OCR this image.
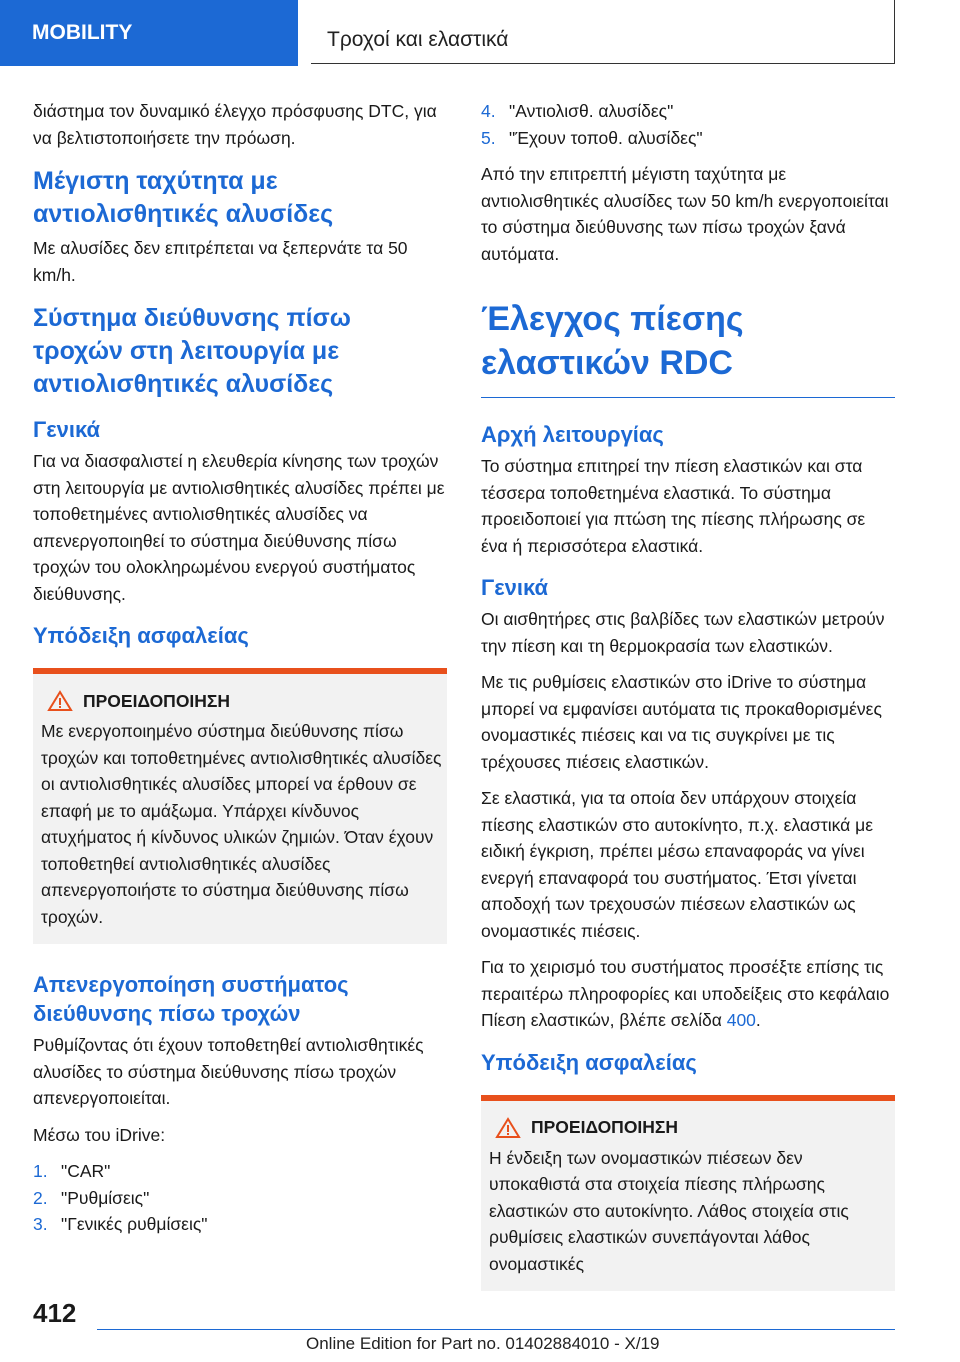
MOBILITY	Τροχοί και ελαστικά

διάστημα τον δυναμικό έλεγχο πρόσφυσης DTC, για να βελτιστοποιήσετε την πρόωση.

Μέγιστη ταχύτητα με αντιολισθητικές αλυσίδες

Με αλυσίδες δεν επιτρέπεται να ξεπερνάτε τα 50 km/h.

Σύστημα διεύθυνσης πίσω τροχών στη λειτουργία με αντιολισθητικές αλυσίδες
Γενικά

Για να διασφαλιστεί η ελευθερία κίνησης των τροχών στη λειτουργία με αντιολισθητικές αλυσίδες πρέπει με τοποθετημένες αντιολισθητικές αλυσίδες να απενεργοποιηθεί το σύστημα διεύθυνσης πίσω τροχών του ολοκληρωμένου ενεργού συστήματος διεύθυνσης.

Υπόδειξη ασφαλείας
ΠΡΟΕΙΔΟΠΟΙΗΣΗ
Με ενεργοποιημένο σύστημα διεύθυνσης πίσω τροχών και τοποθετημένες αντιολισθητικές αλυσίδες οι αντιολισθητικές αλυσίδες μπορεί να έρθουν σε επαφή με το αμάξωμα. Υπάρχει κίνδυνος ατυχήματος ή κίνδυνος υλικών ζημιών. Όταν έχουν τοποθετηθεί αντιολισθητικές αλυσίδες απενεργοποιήστε το σύστημα διεύθυνσης πίσω τροχών.
Απενεργοποίηση συστήματος διεύθυνσης πίσω τροχών

Ρυθμίζοντας ότι έχουν τοποθετηθεί αντιολισθητικές αλυσίδες το σύστημα διεύθυνσης πίσω τροχών απενεργοποιείται.

Μέσω του iDrive:

1. "CAR"
2. "Ρυθμίσεις"
3. "Γενικές ρυθμίσεις"
4. "Αντιολισθ. αλυσίδες"
5. "Έχουν τοποθ. αλυσίδες"

Από την επιτρεπτή μέγιστη ταχύτητα με αντιολισθητικές αλυσίδες των 50 km/h ενεργοποιείται το σύστημα διεύθυνσης των πίσω τροχών ξανά αυτόματα.

Έλεγχος πίεσης ελαστικών RDC
Αρχή λειτουργίας

Το σύστημα επιτηρεί την πίεση ελαστικών και στα τέσσερα τοποθετημένα ελαστικά. Το σύστημα προειδοποιεί για πτώση της πίεσης πλήρωσης σε ένα ή περισσότερα ελαστικά.

Γενικά

Οι αισθητήρες στις βαλβίδες των ελαστικών μετρούν την πίεση και τη θερμοκρασία των ελαστικών.

Με τις ρυθμίσεις ελαστικών στο iDrive το σύστημα μπορεί να εμφανίσει αυτόματα τις προκαθορισμένες ονομαστικές πιέσεις και να τις συγκρίνει με τις τρέχουσες πιέσεις ελαστικών.

Σε ελαστικά, για τα οποία δεν υπάρχουν στοιχεία πίεσης ελαστικών στο αυτοκίνητο, π.χ. ελαστικά με ειδική έγκριση, πρέπει μέσω επαναφοράς να γίνει ενεργή επαναφορά του συστήματος. Έτσι γίνεται αποδοχή των τρεχουσών πιέσεων ελαστικών ως ονομαστικές πιέσεις.

Για το χειρισμό του συστήματος προσέξτε επίσης τις περαιτέρω πληροφορίες και υποδείξεις στο κεφάλαιο Πίεση ελαστικών, βλέπε σελίδα 400.

Υπόδειξη ασφαλείας
ΠΡΟΕΙΔΟΠΟΙΗΣΗ
Η ένδειξη των ονομαστικών πιέσεων δεν υποκαθιστά στα στοιχεία πίεσης πλήρωσης ελαστικών στο αυτοκίνητο. Λάθος στοιχεία στις ρυθμίσεις ελαστικών συνεπάγονται λάθος ονομαστικές
412
Online Edition for Part no. 01402884010 - X/19
